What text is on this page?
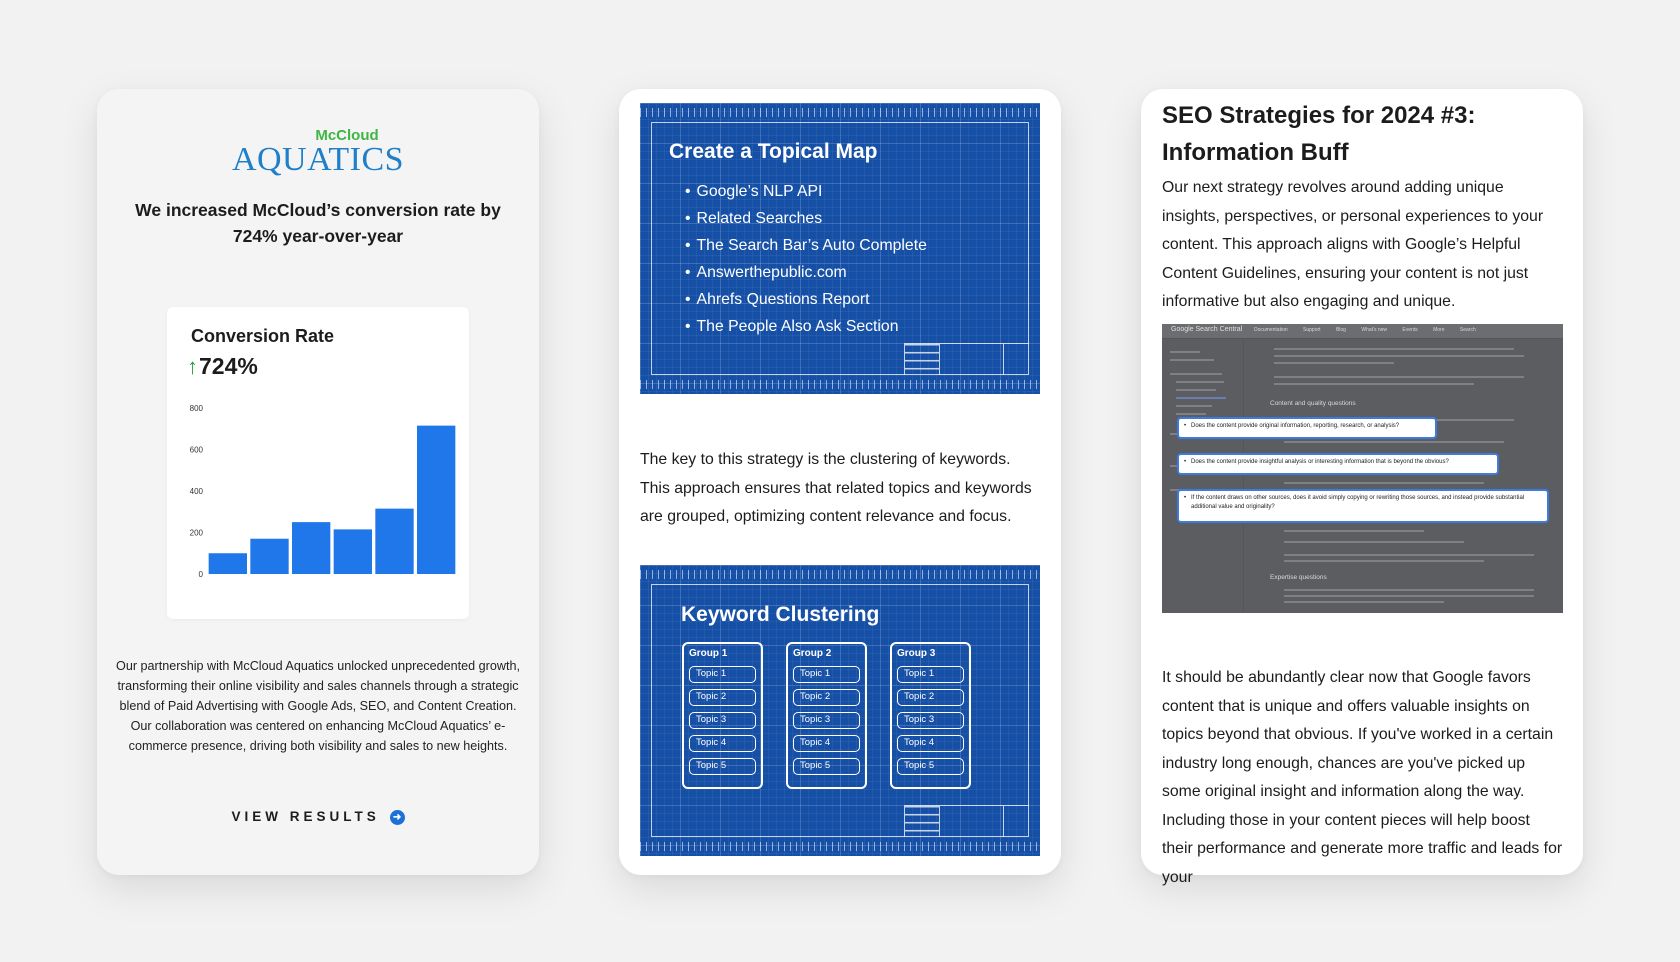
McCloud
AQUATICS
We increased McCloud’s conversion rate by 724% year-over-year
Conversion Rate
↑724%
0
200
400
600
800
Our partnership with McCloud Aquatics unlocked unprecedented growth, transforming their online visibility and sales channels through a strategic blend of Paid Advertising with Google Ads, SEO, and Content Creation. Our collaboration was centered on enhancing McCloud Aquatics’ e-commerce presence, driving both visibility and sales to new heights.
VIEW RESULTS ➜
Create a Topical Map
• Google’s NLP API
• Related Searches
• The Search Bar’s Auto Complete
• Answerthepublic.com
• Ahrefs Questions Report
• The People Also Ask Section
The key to this strategy is the clustering of keywords. This approach ensures that related topics and keywords are grouped, optimizing content relevance and focus.
Keyword Clustering
Group 1
Topic 1
Topic 2
Topic 3
Topic 4
Topic 5
Group 2
Topic 1
Topic 2
Topic 3
Topic 4
Topic 5
Group 3
Topic 1
Topic 2
Topic 3
Topic 4
Topic 5
SEO Strategies for 2024 #3: Information Buff
Our next strategy revolves around adding unique insights, perspectives, or personal experiences to your content. This approach aligns with Google’s Helpful Content Guidelines, ensuring your content is not just informative but also engaging and unique.
Google Search Central Documentation	Support	Blog	What's new	Events	More	Search
Content and quality questions
Expertise questions
• Does the content provide original information, reporting, research, or analysis?
• Does the content provide insightful analysis or interesting information that is beyond the obvious?
• If the content draws on other sources, does it avoid simply copying or rewriting those sources, and instead provide substantial additional value and originality?
It should be abundantly clear now that Google favors content that is unique and offers valuable insights on topics beyond that obvious. If you've worked in a certain industry long enough, chances are you've picked up some original insight and information along the way. Including those in your content pieces will help boost their performance and generate more traffic and leads for your
